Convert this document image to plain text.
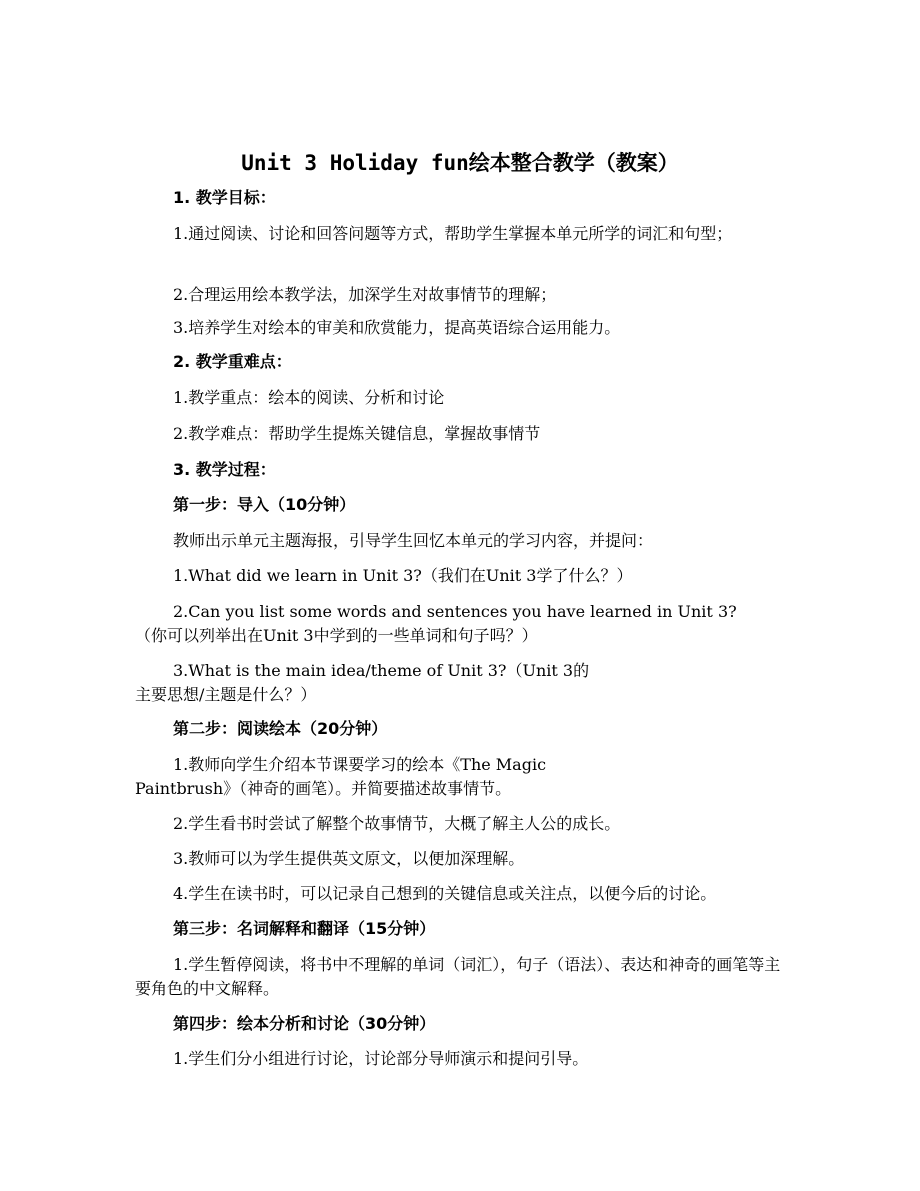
Unit 3 Holiday fun绘本整合教学（教案）
1. 教学目标：
1.通过阅读、讨论和回答问题等方式，帮助学生掌握本单元所学的词汇和句型；
2.合理运用绘本教学法，加深学生对故事情节的理解；
3.培养学生对绘本的审美和欣赏能力，提高英语综合运用能力。
2. 教学重难点：
1.教学重点：绘本的阅读、分析和讨论
2.教学难点：帮助学生提炼关键信息，掌握故事情节
3. 教学过程：
第一步：导入（10分钟）
教师出示单元主题海报，引导学生回忆本单元的学习内容，并提问：
1.What did we learn in Unit 3?（我们在Unit 3学了什么？）
2.Can you list some words and sentences you have learned in Unit 3?（你可以列举出在Unit 3中学到的一些单词和句子吗？）
3.What is the main idea/theme of Unit 3?（Unit 3的主要思想/主题是什么？）
第二步：阅读绘本（20分钟）
1.教师向学生介绍本节课要学习的绘本《The Magic Paintbrush》（神奇的画笔）。并简要描述故事情节。
2.学生看书时尝试了解整个故事情节，大概了解主人公的成长。
3.教师可以为学生提供英文原文，以便加深理解。
4.学生在读书时，可以记录自己想到的关键信息或关注点，以便今后的讨论。
第三步：名词解释和翻译（15分钟）
1.学生暂停阅读，将书中不理解的单词（词汇），句子（语法）、表达和神奇的画笔等主要角色的中文解释。
第四步：绘本分析和讨论（30分钟）
1.学生们分小组进行讨论，讨论部分导师演示和提问引导。
